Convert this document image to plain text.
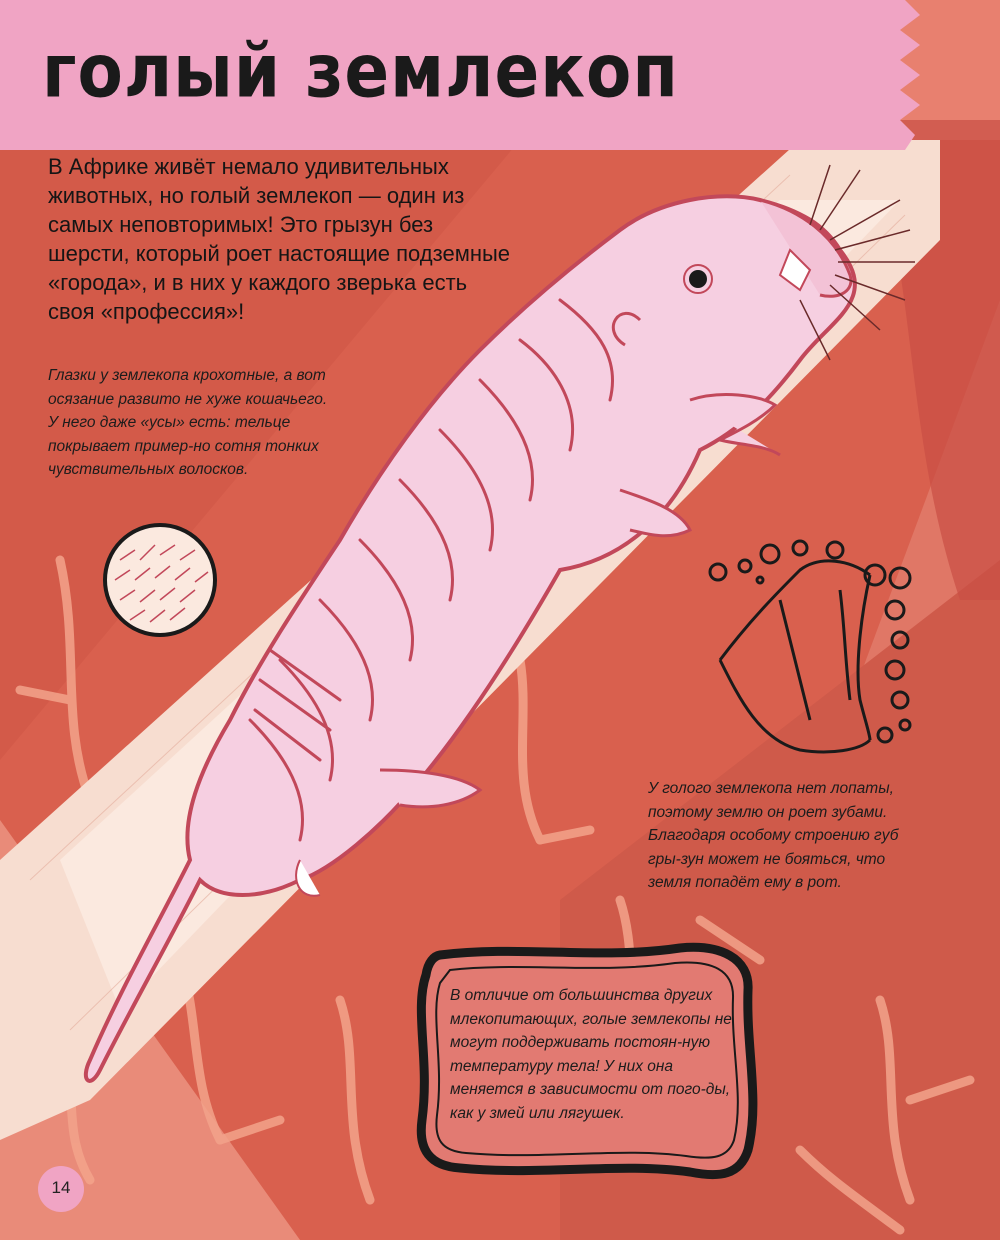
голый землекоп

В Африке живёт немало удивительных животных, но голый землекоп — один из самых неповторимых! Это грызун без шерсти, который роет настоящие подземные «города», и в них у каждого зверька есть своя «профессия»!

Глазки у землекопа крохотные, а вот осязание развито не хуже кошачьего. У него даже «усы» есть: тельце покрывает пример-но сотня тонких чувствительных волосков.

У голого землекопа нет лопаты, поэтому землю он роет зубами. Благодаря особому строению губ гры-зун может не бояться, что земля попадёт ему в рот.

В отличие от большинства других млекопитающих, голые землекопы не могут поддерживать постоян-ную температуру тела! У них она меняется в зависимости от пого-ды, как у змей или лягушек.

14
